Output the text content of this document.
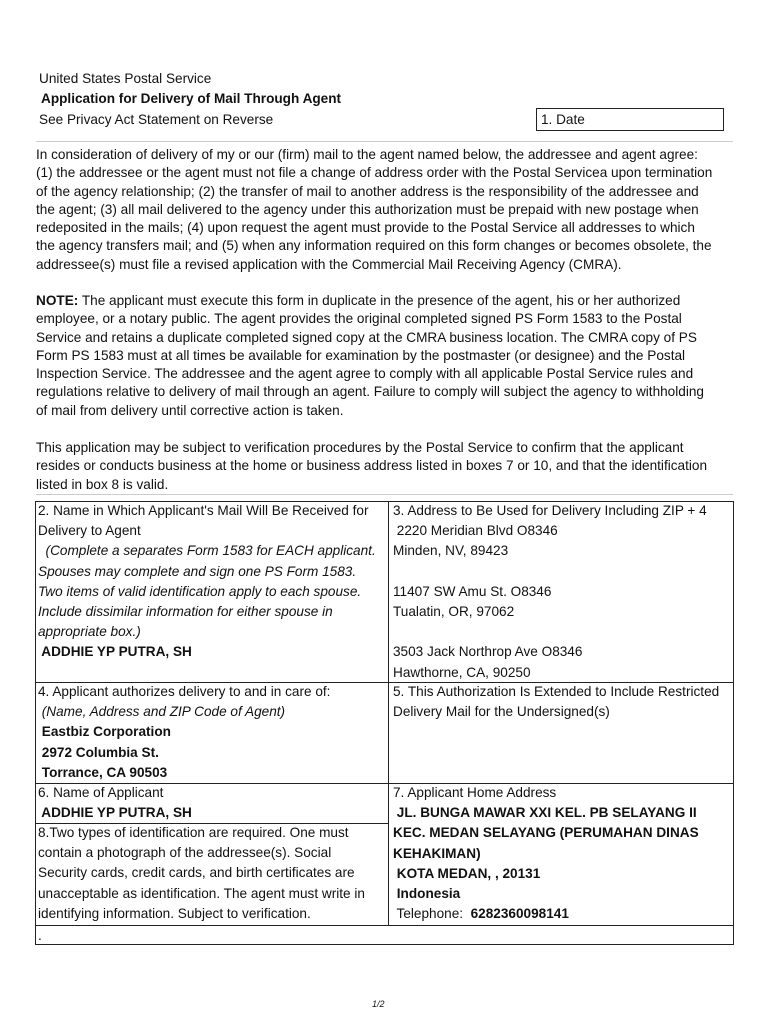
United States Postal Service
Application for Delivery of Mail Through Agent
See Privacy Act Statement on Reverse	1. Date
In consideration of delivery of my or our (firm) mail to the agent named below, the addressee and agent agree:
(1) the addressee or the agent must not file a change of address order with the Postal Servicea upon termination
of the agency relationship; (2) the transfer of mail to another address is the responsibility of the addressee and
the agent; (3) all mail delivered to the agency under this authorization must be prepaid with new postage when
redeposited in the mails; (4) upon request the agent must provide to the Postal Service all addresses to which
the agency transfers mail; and (5) when any information required on this form changes or becomes obsolete, the
addressee(s) must file a revised application with the Commercial Mail Receiving Agency (CMRA).
NOTE: The applicant must execute this form in duplicate in the presence of the agent, his or her authorized
employee, or a notary public. The agent provides the original completed signed PS Form 1583 to the Postal
Service and retains a duplicate completed signed copy at the CMRA business location. The CMRA copy of PS
Form PS 1583 must at all times be available for examination by the postmaster (or designee) and the Postal
Inspection Service. The addressee and the agent agree to comply with all applicable Postal Service rules and
regulations relative to delivery of mail through an agent. Failure to comply will subject the agency to withholding
of mail from delivery until corrective action is taken.
This application may be subject to verification procedures by the Postal Service to confirm that the applicant
resides or conducts business at the home or business address listed in boxes 7 or 10, and that the identification
listed in box 8 is valid.
2. Name in Which Applicant's Mail Will Be Received for
Delivery to Agent
(Complete a separates Form 1583 for EACH applicant.
Spouses may complete and sign one PS Form 1583.
Two items of valid identification apply to each spouse.
Include dissimilar information for either spouse in
appropriate box.)
ADDHIE YP PUTRA, SH
3. Address to Be Used for Delivery Including ZIP + 4
2220 Meridian Blvd O8346
Minden, NV, 89423
11407 SW Amu St. O8346
Tualatin, OR, 97062
3503 Jack Northrop Ave O8346
Hawthorne, CA, 90250
4. Applicant authorizes delivery to and in care of:
(Name, Address and ZIP Code of Agent)
Eastbiz Corporation
2972 Columbia St.
Torrance, CA 90503
5. This Authorization Is Extended to Include Restricted
Delivery Mail for the Undersigned(s)
6. Name of Applicant
ADDHIE YP PUTRA, SH
7. Applicant Home Address
JL. BUNGA MAWAR XXI KEL. PB SELAYANG II
KEC. MEDAN SELAYANG (PERUMAHAN DINAS
KEHAKIMAN)
KOTA MEDAN, , 20131
Indonesia
Telephone: 6282360098141
8.Two types of identification are required. One must
contain a photograph of the addressee(s). Social
Security cards, credit cards, and birth certificates are
unacceptable as identification. The agent must write in
identifying information. Subject to verification.
.
1/2
